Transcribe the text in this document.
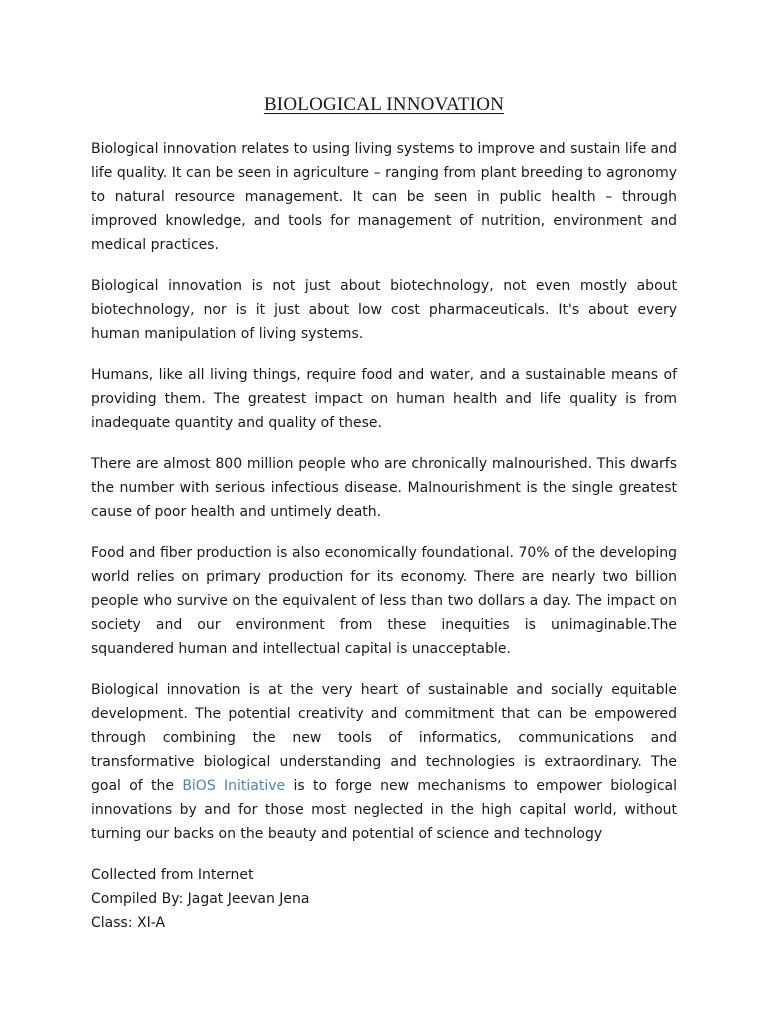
BIOLOGICAL INNOVATION

Biological innovation relates to using living systems to improve and sustain life and life quality. It can be seen in agriculture – ranging from plant breeding to agronomy to natural resource management. It can be seen in public health – through improved knowledge, and tools for management of nutrition, environment and medical practices.

Biological innovation is not just about biotechnology, not even mostly about biotechnology, nor is it just about low cost pharmaceuticals. It's about every human manipulation of living systems.

Humans, like all living things, require food and water, and a sustainable means of providing them. The greatest impact on human health and life quality is from inadequate quantity and quality of these.

There are almost 800 million people who are chronically malnourished. This dwarfs the number with serious infectious disease. Malnourishment is the single greatest cause of poor health and untimely death.

Food and fiber production is also economically foundational. 70% of the developing world relies on primary production for its economy. There are nearly two billion people who survive on the equivalent of less than two dollars a day. The impact on society and our environment from these inequities is unimaginable.The squandered human and intellectual capital is unacceptable.

Biological innovation is at the very heart of sustainable and socially equitable development. The potential creativity and commitment that can be empowered through combining the new tools of informatics, communications and transformative biological understanding and technologies is extraordinary. The goal of the BiOS Initiative is to forge new mechanisms to empower biological innovations by and for those most neglected in the high capital world, without turning our backs on the beauty and potential of science and technology

Collected from Internet
Compiled By: Jagat Jeevan Jena
Class: XI-A
